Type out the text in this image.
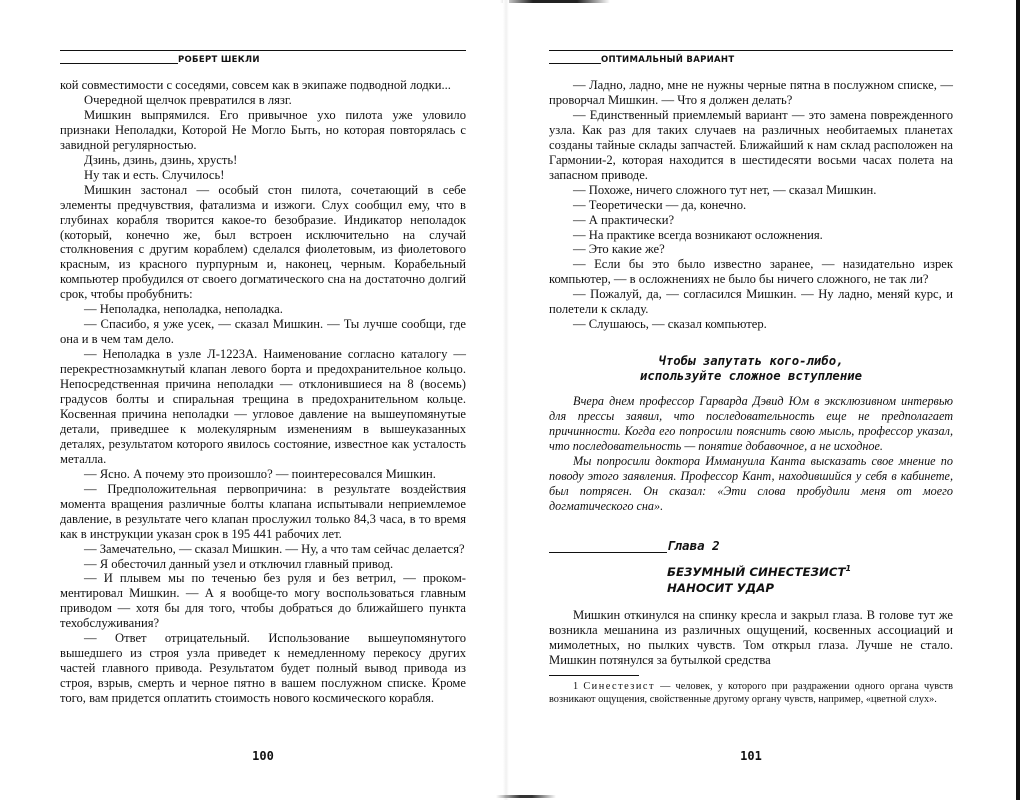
РОБЕРТ ШЕКЛИ

кой совместимости с соседями, совсем как в экипаже подводной лодки...

Очередной щелчок превратился в лязг.

Мишкин выпрямился. Его привычное ухо пилота уже уловило признаки Неполадки, Которой Не Могло Быть, но которая повторялась с завидной регулярностью.

Дзинь, дзинь, дзинь, хрусть!

Ну так и есть. Случилось!

Мишкин застонал — особый стон пилота, сочетающий в себе элементы предчувствия, фатализма и изжоги. Слух сообщил ему, что в глубинах корабля творится какое-то безобразие. Индикатор неполадок (который, конечно же, был встроен исключительно на случай столкновения с другим кораблем) сделался фиолетовым, из фиолетового красным, из красного пурпурным и, наконец, черным. Корабельный компьютер пробудился от своего догматического сна на достаточно долгий срок, чтобы пробубнить:

— Неполадка, неполадка, неполадка.

— Спасибо, я уже усек, — сказал Мишкин. — Ты лучше сообщи, где она и в чем там дело.

— Неполадка в узле Л-1223А. Наименование согласно каталогу — перекрестнозамкнутый клапан левого борта и предохранительное кольцо. Непосредственная причина неполадки — отклонившиеся на 8 (восемь) градусов болты и спиральная трещина в предохранительном кольце. Косвенная причина неполадки — угловое давление на вышеупомянутые детали, приведшее к молекулярным изменениям в вышеуказанных деталях, результатом которого явилось состояние, известное как усталость металла.

— Ясно. А почему это произошло? — поинтересовался Мишкин.

— Предположительная первопричина: в результате воздействия момента вращения различные болты клапана испытывали неприемлемое давление, в результате чего клапан прослужил только 84,3 часа, в то время как в инструкции указан срок в 195 441 рабочих лет.

— Замечательно, — сказал Мишкин. — Ну, а что там сейчас делается?

— Я обесточил данный узел и отключил главный привод.

— И плывем мы по теченью без руля и без ветрил, — прокомментировал Мишкин. — А я вообще-то могу воспользоваться главным приводом — хотя бы для того, чтобы добраться до ближайшего пункта техобслуживания?

— Ответ отрицательный. Использование вышеупомянутого вышедшего из строя узла приведет к немедленному перекосу других частей главного привода. Результатом будет полный вывод привода из строя, взрыв, смерть и черное пятно в вашем послужном списке. Кроме того, вам придется оплатить стоимость нового космического корабля.

100
ОПТИМАЛЬНЫЙ ВАРИАНТ

— Ладно, ладно, мне не нужны черные пятна в послужном списке, — проворчал Мишкин. — Что я должен делать?

— Единственный приемлемый вариант — это замена поврежденного узла. Как раз для таких случаев на различных необитаемых планетах созданы тайные склады запчастей. Ближайший к нам склад расположен на Гармонии-2, которая находится в шестидесяти восьми часах полета на запасном приводе.

— Похоже, ничего сложного тут нет, — сказал Мишкин.

— Теоретически — да, конечно.

— А практически?

— На практике всегда возникают осложнения.

— Это какие же?

— Если бы это было известно заранее, — назидательно изрек компьютер, — в осложнениях не было бы ничего сложного, не так ли?

— Пожалуй, да, — согласился Мишкин. — Ну ладно, меняй курс, и полетели к складу.

— Слушаюсь, — сказал компьютер.

Чтобы запутать кого-либо,
используйте сложное вступление

Вчера днем профессор Гарварда Дэвид Юм в эксклюзивном интервью для прессы заявил, что последовательность еще не предполагает причинности. Когда его попросили пояснить свою мысль, профессор указал, что последовательность — понятие добавочное, а не исходное.

Мы попросили доктора Иммануила Канта высказать свое мнение по поводу этого заявления. Профессор Кант, находившийся у себя в кабинете, был потрясен. Он сказал: «Эти слова пробудили меня от моего догматического сна».

Глава 2
БЕЗУМНЫЙ СИНЕСТЕЗИСТ$^1$
НАНОСИТ УДАР

Мишкин откинулся на спинку кресла и закрыл глаза. В голове тут же возникла мешанина из различных ощущений, косвенных ассоциаций и мимолетных, но пылких чувств. Том открыл глаза. Лучше не стало. Мишкин потянулся за бутылкой средства

1 Синестезист — человек, у которого при раздражении одного органа чувств возникают ощущения, свойственные другому органу чувств, например, «цветной слух».
101
